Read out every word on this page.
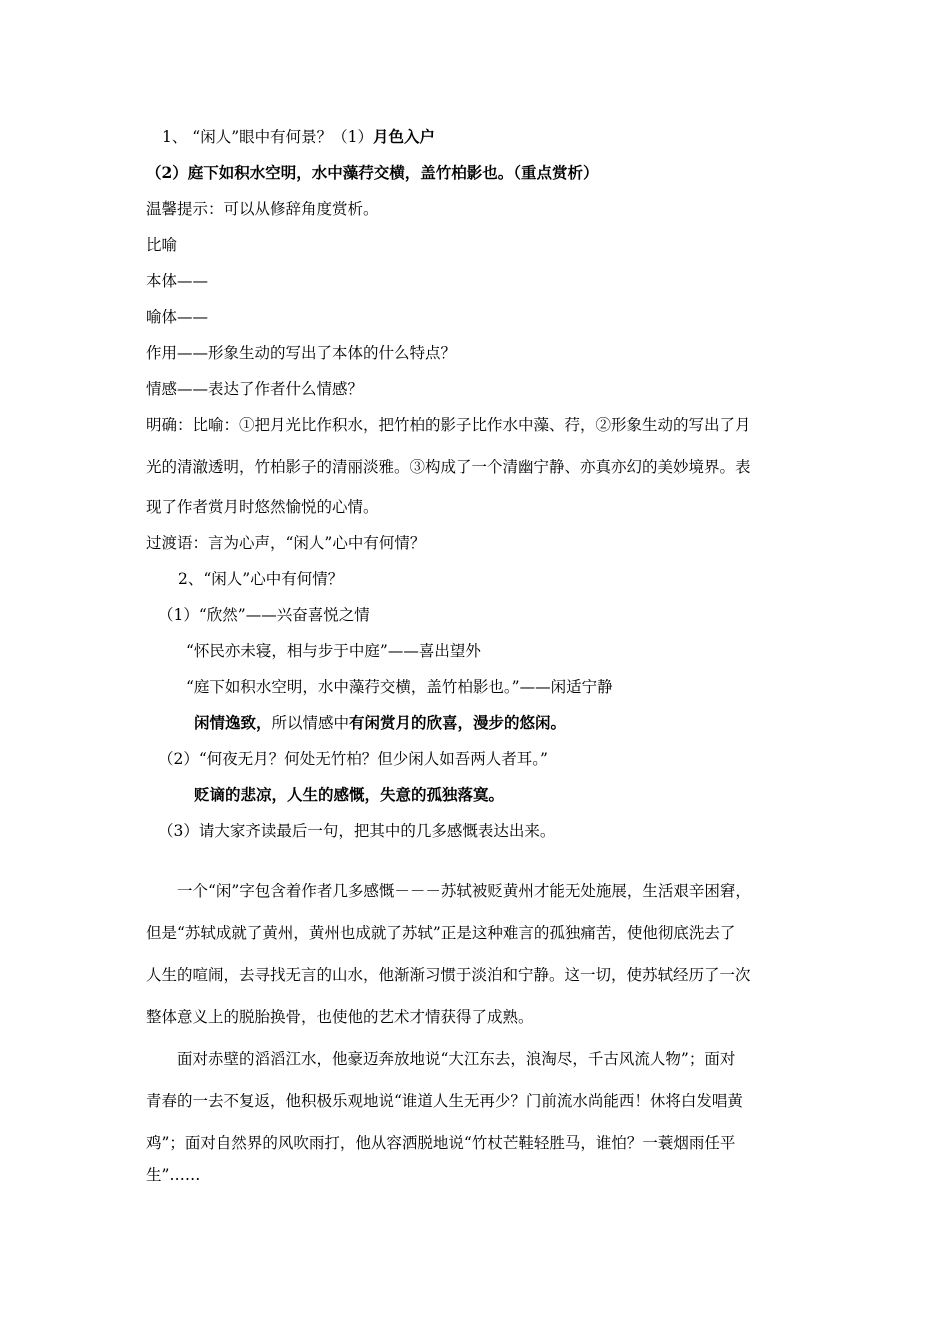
1、 “闲人”眼中有何景？（1）月色入户
（2）庭下如积水空明，水中藻荇交横，盖竹柏影也。（重点赏析）
温馨提示：可以从修辞角度赏析。
比喻
本体——
喻体——
作用——形象生动的写出了本体的什么特点？
情感——表达了作者什么情感？
明确：比喻：①把月光比作积水，把竹柏的影子比作水中藻、荇，②形象生动的写出了月
光的清澈透明，竹柏影子的清丽淡雅。③构成了一个清幽宁静、亦真亦幻的美妙境界。表
现了作者赏月时悠然愉悦的心情。
过渡语：言为心声，“闲人”心中有何情？
2、“闲人”心中有何情？
（1）“欣然”——兴奋喜悦之情
“怀民亦未寝，相与步于中庭”——喜出望外
“庭下如积水空明，水中藻荇交横，盖竹柏影也。”——闲适宁静
闲情逸致，所以情感中有闲赏月的欣喜，漫步的悠闲。
（2）“何夜无月？何处无竹柏？但少闲人如吾两人者耳。”
贬谪的悲凉，人生的感慨，失意的孤独落寞。
（3）请大家齐读最后一句，把其中的几多感慨表达出来。
一个“闲”字包含着作者几多感慨－－－苏轼被贬黄州才能无处施展，生活艰辛困窘，
但是“苏轼成就了黄州，黄州也成就了苏轼”正是这种难言的孤独痛苦，使他彻底洗去了
人生的喧闹，去寻找无言的山水，他渐渐习惯于淡泊和宁静。这一切，使苏轼经历了一次
整体意义上的脱胎换骨，也使他的艺术才情获得了成熟。
面对赤壁的滔滔江水，他豪迈奔放地说“大江东去，浪淘尽，千古风流人物”；面对
青春的一去不复返，他积极乐观地说“谁道人生无再少？门前流水尚能西！休将白发唱黄
鸡”；面对自然界的风吹雨打，他从容洒脱地说“竹杖芒鞋轻胜马，谁怕？一蓑烟雨任平
生”……
